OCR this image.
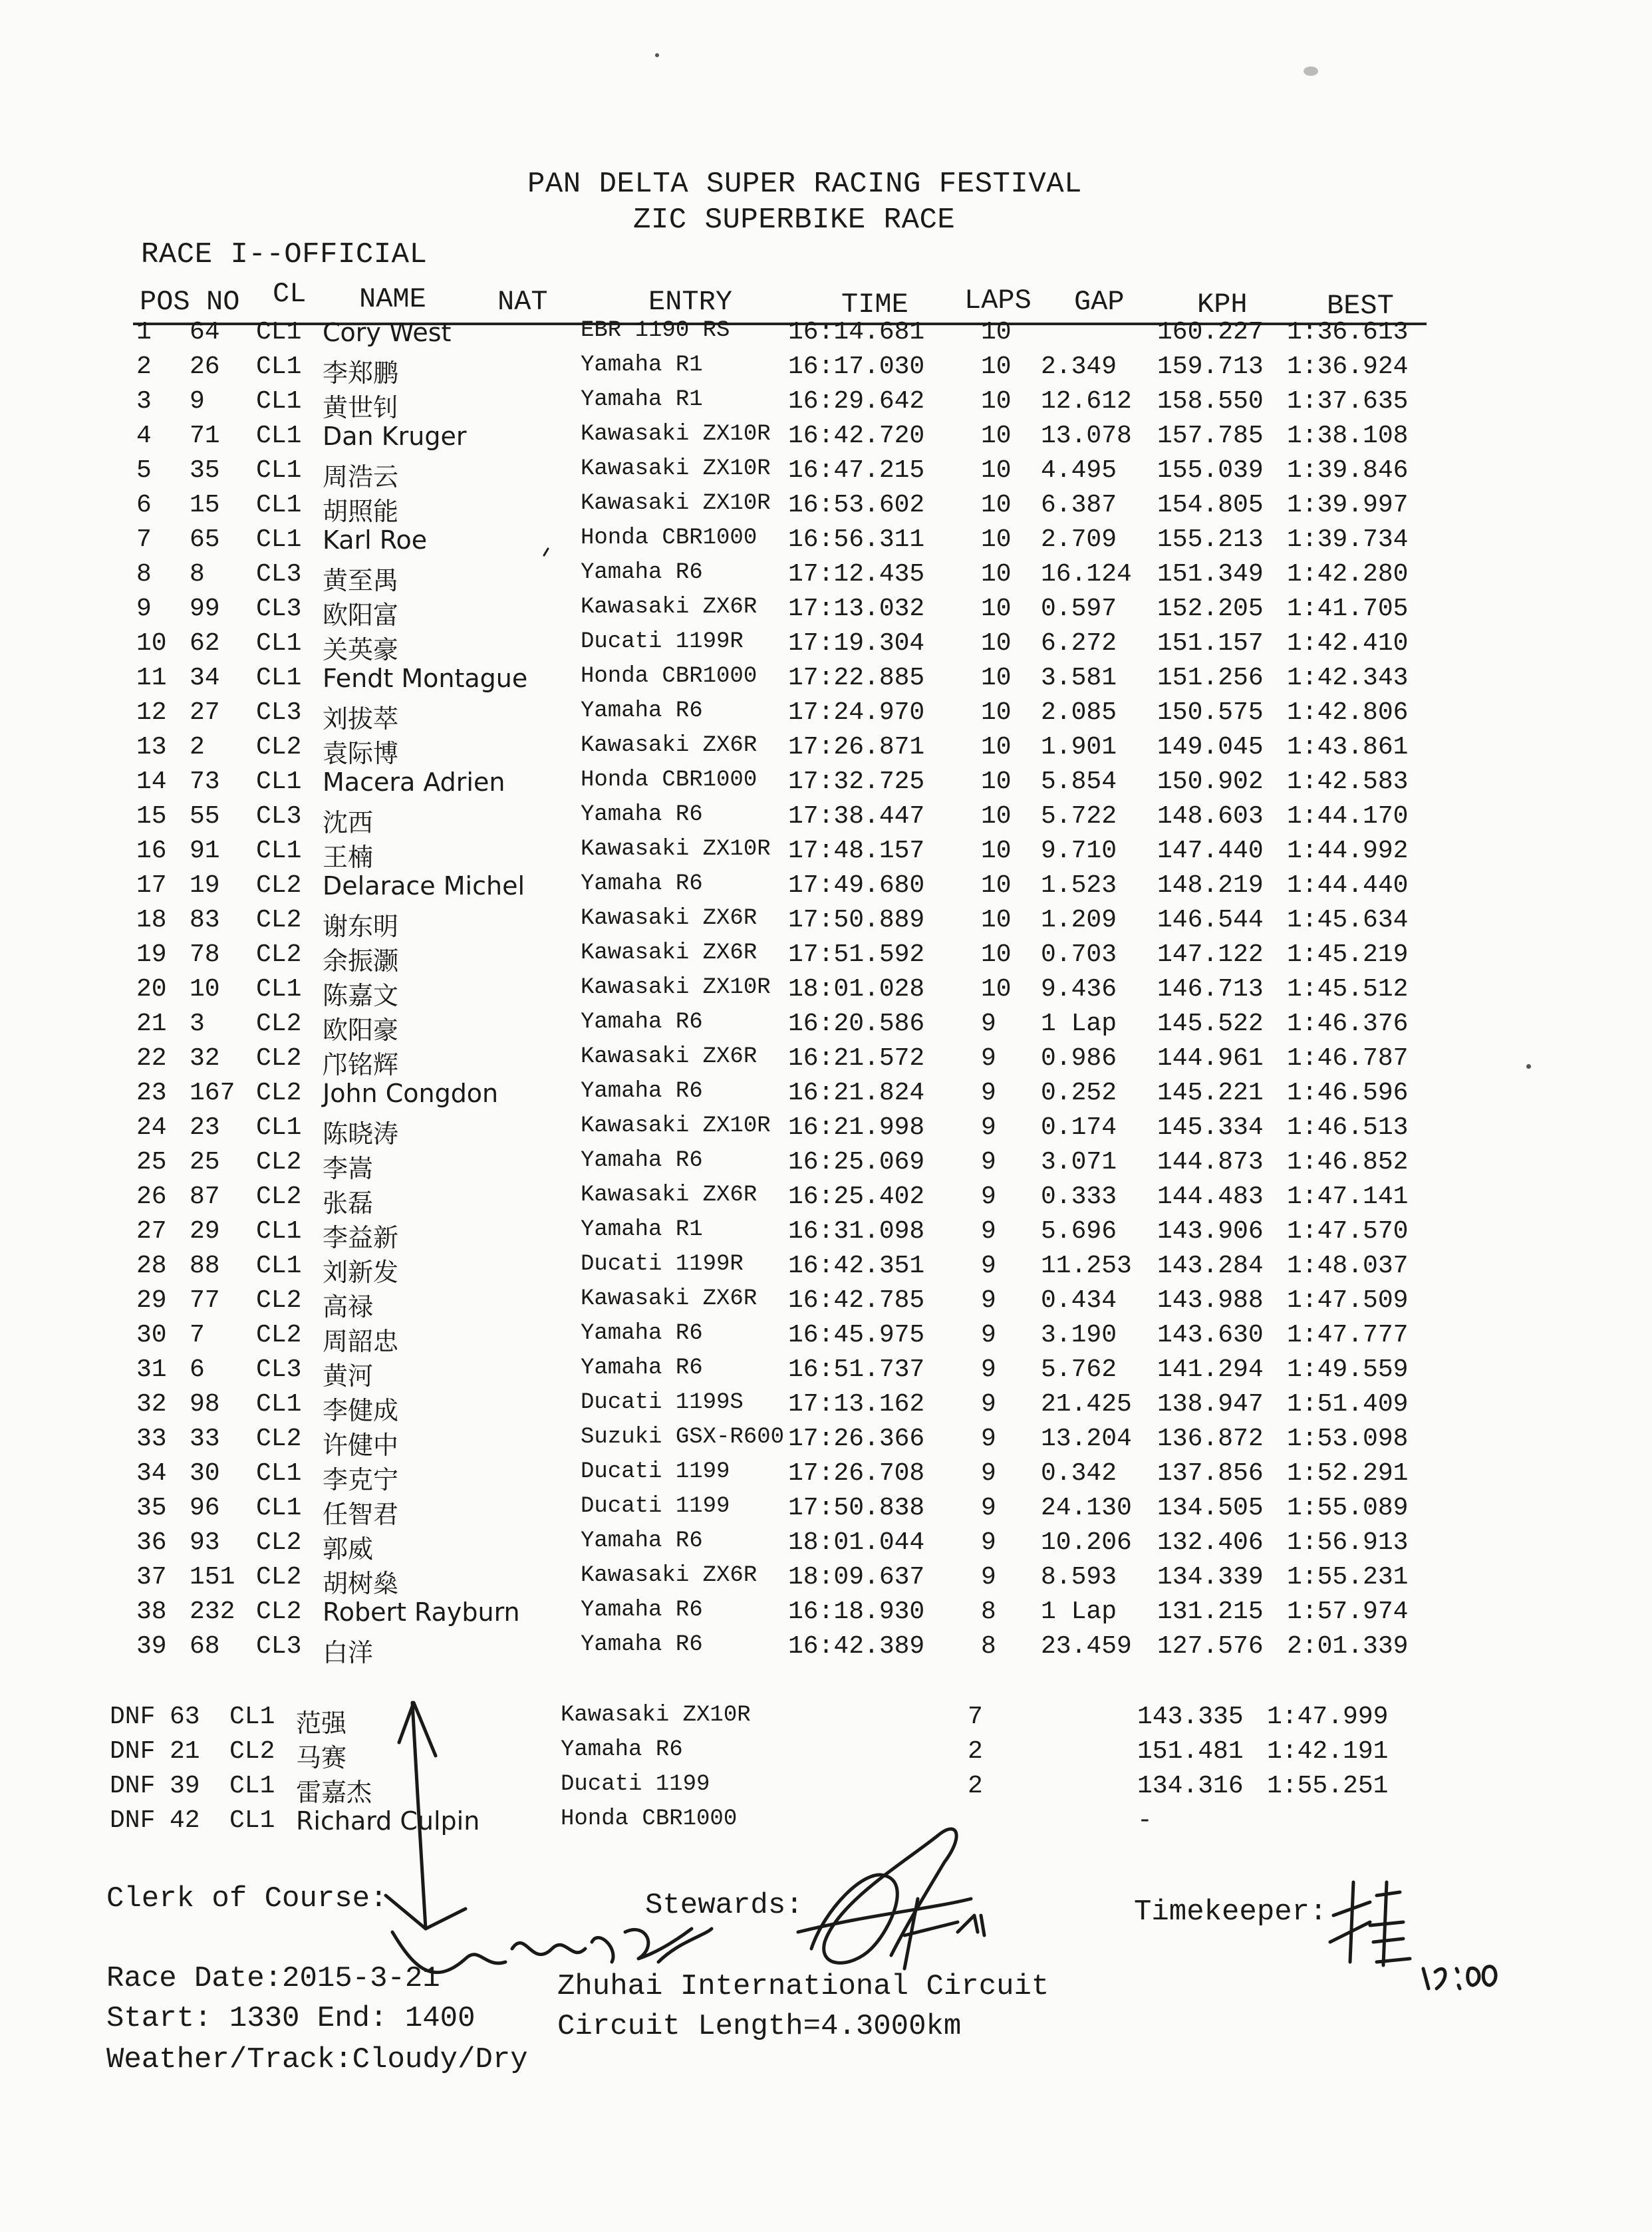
PAN DELTA SUPER RACING FESTIVAL
ZIC SUPERBIKE RACE
RACE I--OFFICIAL
POS NO CL NAME	NAT	ENTRY	TIME LAPS GAP	KPH	BEST
1 64 CL1 Cory West	EBR 1190 RS 16:14.681 10	160.227 1:36.613
2 26 CL1 李郑鹏	Yamaha R1	16:17.030 10 2.349 159.713 1:36.924
3 9 CL1 黄世钊	Yamaha R1	16:29.642 10 12.612 158.550 1:37.635
4 71 CL1 Dan Kruger	Kawasaki ZX10R 16:42.720 10 13.078 157.785 1:38.108
5 35 CL1 周浩云	Kawasaki ZX10R 16:47.215 10 4.495 155.039 1:39.846
6 15 CL1 胡照能	Kawasaki ZX10R 16:53.602 10 6.387 154.805 1:39.997
7 65 CL1 Karl Roe	Honda CBR1000 16:56.311 10 2.709 155.213 1:39.734
8 8 CL3 黄至禺	Yamaha R6	17:12.435 10 16.124 151.349 1:42.280
9 99 CL3 欧阳富	Kawasaki ZX6R 17:13.032 10 0.597 152.205 1:41.705
10 62 CL1 关英豪	Ducati 1199R 17:19.304 10 6.272 151.157 1:42.410
11 34 CL1 Fendt Montague Honda CBR1000 17:22.885 10 3.581 151.256 1:42.343
12 27 CL3 刘拔萃	Yamaha R6	17:24.970 10 2.085 150.575 1:42.806
13 2 CL2 袁际博	Kawasaki ZX6R 17:26.871 10 1.901 149.045 1:43.861
14 73 CL1 Macera Adrien	Honda CBR1000 17:32.725 10 5.854 150.902 1:42.583
15 55 CL3 沈西	Yamaha R6	17:38.447 10 5.722 148.603 1:44.170
16 91 CL1 王楠	Kawasaki ZX10R 17:48.157 10 9.710 147.440 1:44.992
17 19 CL2 Delarace Michel Yamaha R6	17:49.680 10 1.523 148.219 1:44.440
18 83 CL2 谢东明	Kawasaki ZX6R 17:50.889 10 1.209 146.544 1:45.634
19 78 CL2 余振灏	Kawasaki ZX6R 17:51.592 10 0.703 147.122 1:45.219
20 10 CL1 陈嘉文	Kawasaki ZX10R 18:01.028 10 9.436 146.713 1:45.512
21 3 CL2 欧阳豪	Yamaha R6	16:20.586 9 1 Lap 145.522 1:46.376
22 32 CL2 邝铭辉	Kawasaki ZX6R 16:21.572 9 0.986 144.961 1:46.787
23 167 CL2 John Congdon	Yamaha R6	16:21.824 9 0.252 145.221 1:46.596
24 23 CL1 陈晓涛	Kawasaki ZX10R 16:21.998 9 0.174 145.334 1:46.513
25 25 CL2 李嵩	Yamaha R6	16:25.069 9 3.071 144.873 1:46.852
26 87 CL2 张磊	Kawasaki ZX6R 16:25.402 9 0.333 144.483 1:47.141
27 29 CL1 李益新	Yamaha R1	16:31.098 9 5.696 143.906 1:47.570
28 88 CL1 刘新发	Ducati 1199R 16:42.351 9 11.253 143.284 1:48.037
29 77 CL2 高禄	Kawasaki ZX6R 16:42.785 9 0.434 143.988 1:47.509
30 7 CL2 周韶忠	Yamaha R6	16:45.975 9 3.190 143.630 1:47.777
31 6 CL3 黄河	Yamaha R6	16:51.737 9 5.762 141.294 1:49.559
32 98 CL1 李健成	Ducati 1199S 17:13.162 9 21.425 138.947 1:51.409
33 33 CL2 许健中	Suzuki GSX-R600 17:26.366 9 13.204 136.872 1:53.098
34 30 CL1 李克宁	Ducati 1199 17:26.708 9 0.342 137.856 1:52.291
35 96 CL1 任智君	Ducati 1199 17:50.838 9 24.130 134.505 1:55.089
36 93 CL2 郭威	Yamaha R6	18:01.044 9 10.206 132.406 1:56.913
37 151 CL2 胡树燊	Kawasaki ZX6R 18:09.637 9 8.593 134.339 1:55.231
38 232 CL2 Robert Rayburn	Yamaha R6	16:18.930 8 1 Lap 131.215 1:57.974
39 68 CL3 白洋	Yamaha R6	16:42.389 8 23.459 127.576 2:01.339
DNF 63 CL1 范强	Kawasaki ZX10R	7	143.335 1:47.999
DNF 21 CL2 马赛	Yamaha R6	2	151.481 1:42.191
DNF 39 CL1 雷嘉杰	Ducati 1199	2	134.316 1:55.251
DNF 42 CL1 Richard Culpin	Honda CBR1000	-
Clerk of Course:	Stewards:	Timekeeper:
Race Date:2015-3-21
Start: 1330 End: 1400
Weather/Track:Cloudy/Dry
Zhuhai International Circuit
Circuit Length=4.3000km
